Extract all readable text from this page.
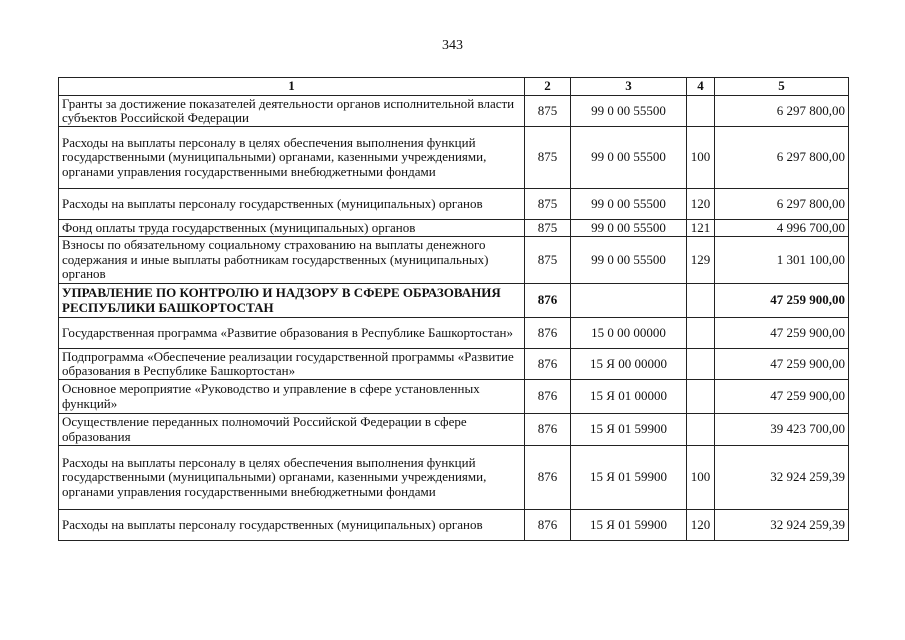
343
1	2	3	4	5
Гранты за достижение показателей деятельности органов исполнительной власти субъектов Российской Федерации	875	99 0 00 55500		6 297 800,00
Расходы на выплаты персоналу в целях обеспечения выполнения функций государственными (муниципальными) органами, казенными учреждениями, органами управления государственными внебюджетными фондами	875	99 0 00 55500	100	6 297 800,00
Расходы на выплаты персоналу государственных (муниципальных) органов	875	99 0 00 55500	120	6 297 800,00
Фонд оплаты труда государственных (муниципальных) органов	875	99 0 00 55500	121	4 996 700,00
Взносы по обязательному социальному страхованию на выплаты денежного содержания и иные выплаты работникам государственных (муниципальных) органов	875	99 0 00 55500	129	1 301 100,00
УПРАВЛЕНИЕ ПО КОНТРОЛЮ И НАДЗОРУ В СФЕРЕ ОБРАЗОВАНИЯ РЕСПУБЛИКИ БАШКОРТОСТАН	876			47 259 900,00
Государственная программа «Развитие образования в Республике Башкортостан»	876	15 0 00 00000		47 259 900,00
Подпрограмма «Обеспечение реализации государственной программы «Развитие образования в Республике Башкортостан»	876	15 Я 00 00000		47 259 900,00
Основное мероприятие «Руководство и управление в сфере установленных функций»	876	15 Я 01 00000		47 259 900,00
Осуществление переданных полномочий Российской Федерации в сфере образования	876	15 Я 01 59900		39 423 700,00
Расходы на выплаты персоналу в целях обеспечения выполнения функций государственными (муниципальными) органами, казенными учреждениями, органами управления государственными внебюджетными фондами	876	15 Я 01 59900	100	32 924 259,39
Расходы на выплаты персоналу государственных (муниципальных) органов	876	15 Я 01 59900	120	32 924 259,39
